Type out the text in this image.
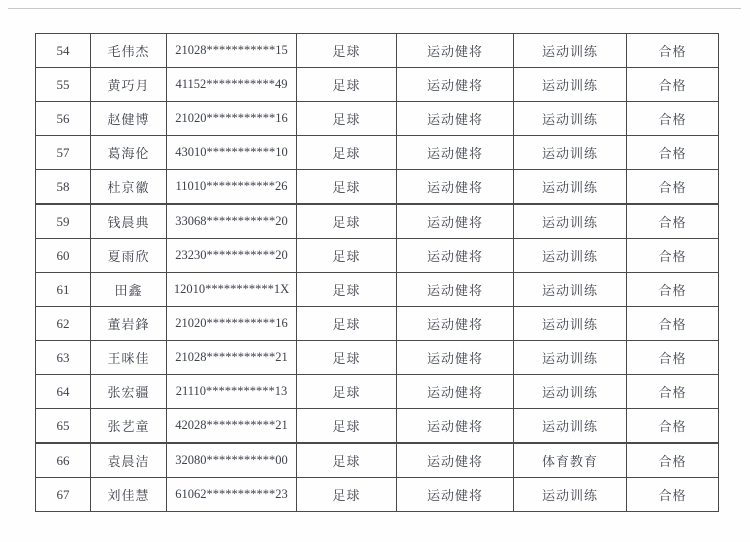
54	毛伟杰	21028***********15	足球	运动健将	运动训练	合格
55	黄巧月	41152***********49	足球	运动健将	运动训练	合格
56	赵健博	21020***********16	足球	运动健将	运动训练	合格
57	葛海伦	43010***********10	足球	运动健将	运动训练	合格
58	杜京徽	11010***********26	足球	运动健将	运动训练	合格
59	钱晨典	33068***********20	足球	运动健将	运动训练	合格
60	夏雨欣	23230***********20	足球	运动健将	运动训练	合格
61	田鑫	12010***********1X	足球	运动健将	运动训练	合格
62	董岩鋒	21020***********16	足球	运动健将	运动训练	合格
63	王咪佳	21028***********21	足球	运动健将	运动训练	合格
64	张宏疆	21110***********13	足球	运动健将	运动训练	合格
65	张艺童	42028***********21	足球	运动健将	运动训练	合格
66	袁晨洁	32080***********00	足球	运动健将	体育教育	合格
67	刘佳慧	61062***********23	足球	运动健将	运动训练	合格
